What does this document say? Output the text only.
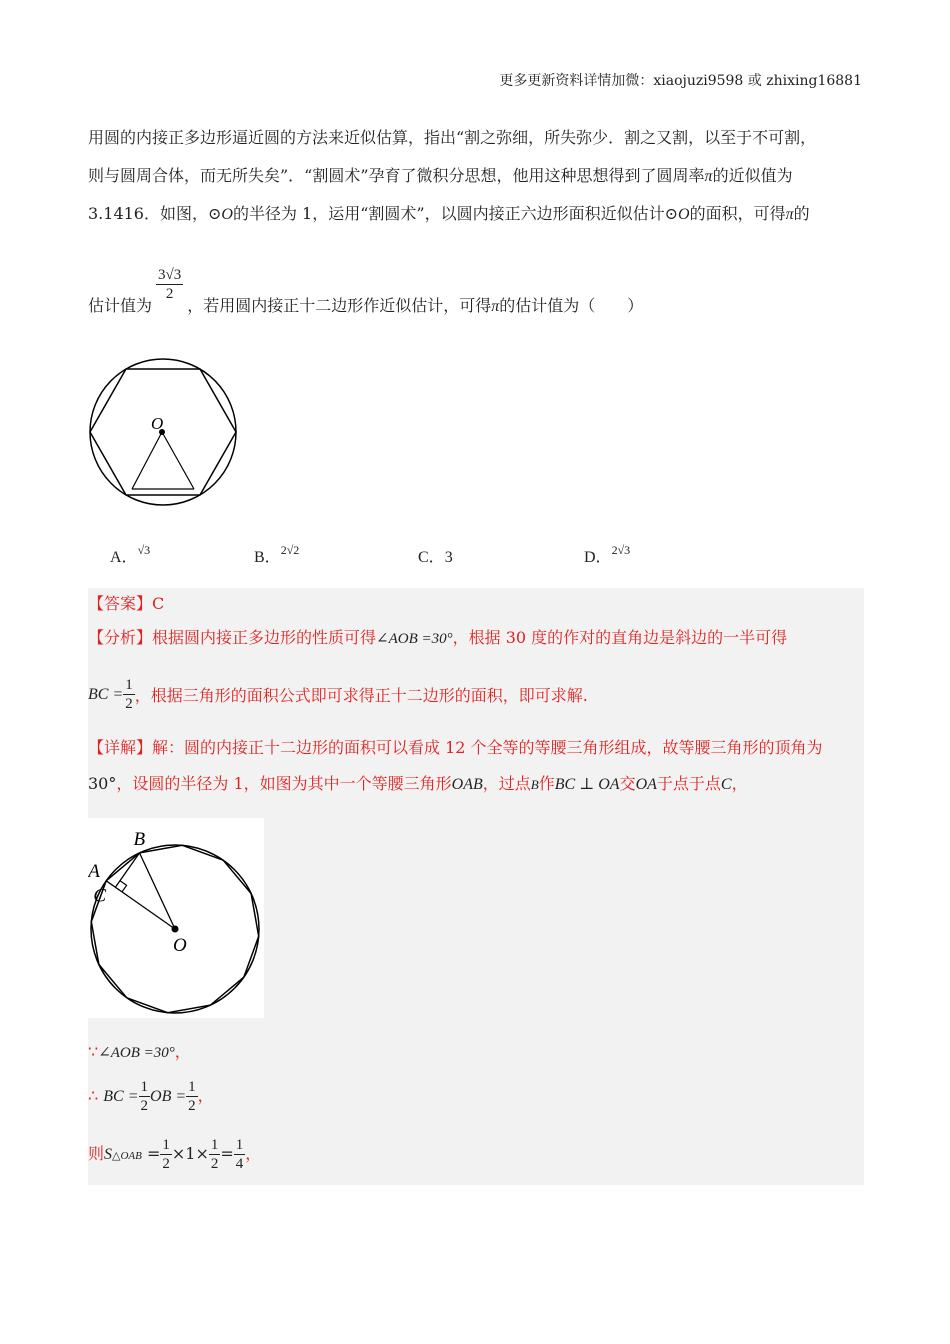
更多更新资料详情加微：xiaojuzi9598 或 zhixing16881
用圆的内接正多边形逼近圆的方法来近似估算，指出“割之弥细，所失弥少．割之又割，以至于不可割，
则与圆周合体，而无所失矣”．“割圆术”孕育了微积分思想，他用这种思想得到了圆周率π的近似值为
3.1416．如图，⊙O的半径为 1，运用“割圆术”，以圆内接正六边形面积近似估计⊙O的面积，可得π的
估计值为
$\frac{3√3}{2}$
，若用圆内接正十二边形作近似估计，可得π的估计值为（　　）
O
A．$^{√3}$	B．$^{2√2}$	C．3	D．$^{2√3}$
【答案】C
【分析】根据圆内接正多边形的性质可得∠AOB =30°，根据 30 度的作对的直角边是斜边的一半可得
BC = $\frac{1}{2}$ ，根据三角形的面积公式即可求得正十二边形的面积，即可求解.
【详解】解：圆的内接正十二边形的面积可以看成 12 个全等的等腰三角形组成，故等腰三角形的顶角为
30°，设圆的半径为 1，如图为其中一个等腰三角形OAB，过点B作BC ⊥ OA交OA于点于点C，
A
B
C
O
∵∠AOB =30°，
∴ BC = $\frac{1}{2}$ OB = $\frac{1}{2}$ ，
则S△OAB = $\frac{1}{2} \times 1\times \frac{1}{2} = \frac{1}{4}$ ，
